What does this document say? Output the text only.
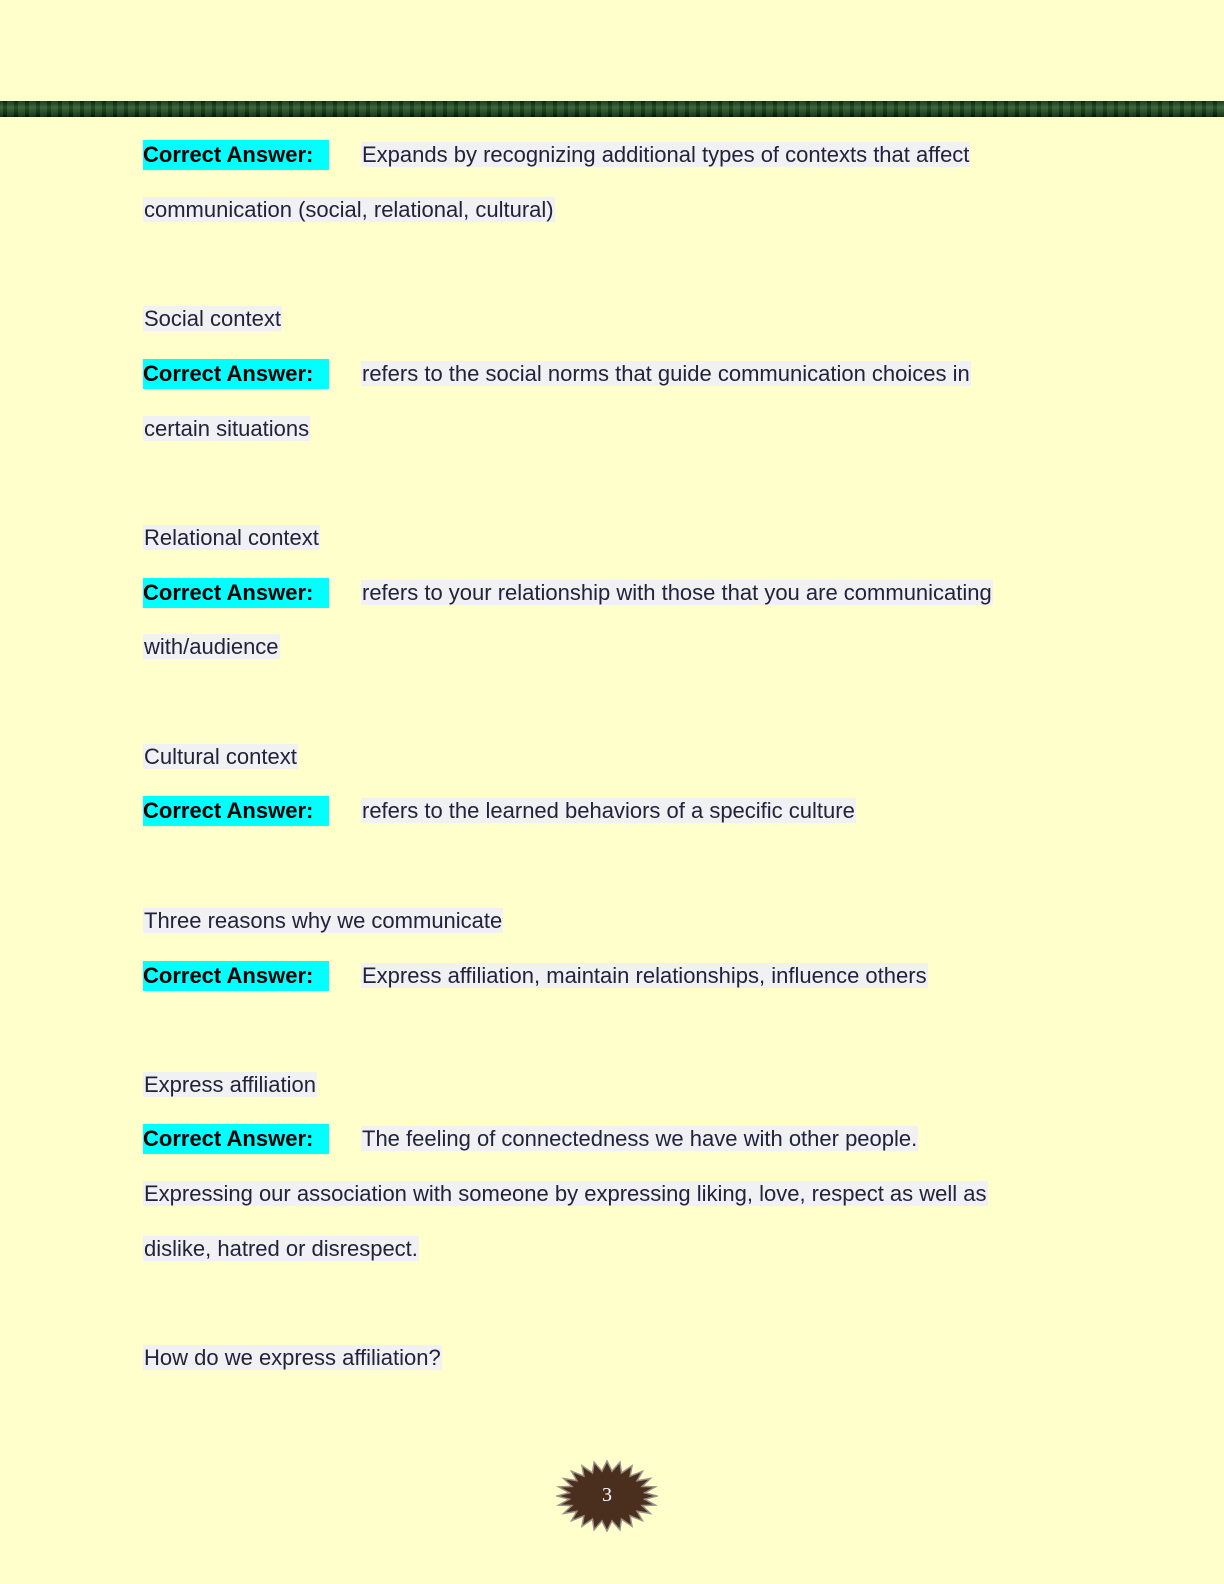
Correct Answer: Expands by recognizing additional types of contexts that affect
communication (social, relational, cultural)
Social context
Correct Answer: refers to the social norms that guide communication choices in
certain situations
Relational context
Correct Answer: refers to your relationship with those that you are communicating
with/audience
Cultural context
Correct Answer: refers to the learned behaviors of a specific culture
Three reasons why we communicate
Correct Answer: Express affiliation, maintain relationships, influence others
Express affiliation
Correct Answer: The feeling of connectedness we have with other people.
Expressing our association with someone by expressing liking, love, respect as well as
dislike, hatred or disrespect.
How do we express affiliation?
3
